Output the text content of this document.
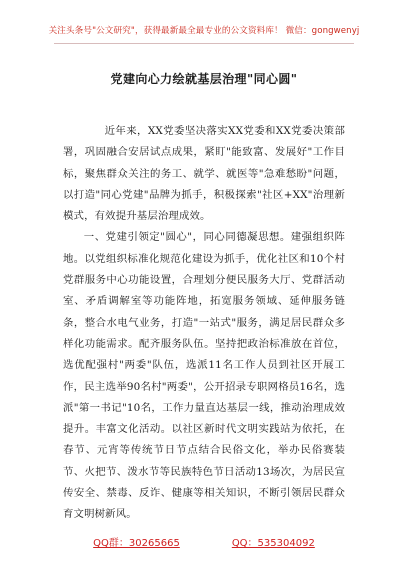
关注头条号"公文研究"，获得最新最全最专业的公文资料库！ 微信：gongwenyj
党建向心力绘就基层治理"同心圆"

近年来，XX党委坚决落实XX党委和XX党委决策部署，巩固融合安居试点成果，紧盯"能致富、发展好"工作目标，聚焦群众关注的务工、就学、就医等"急难愁盼"问题，以打造"同心党建"品牌为抓手，积极探索"社区+XX"治理新模式，有效提升基层治理成效。

一、党建引领定"圆心"，同心同德凝思想。建强组织阵地。以党组织标准化规范化建设为抓手，优化社区和10个村党群服务中心功能设置，合理划分便民服务大厅、党群活动室、矛盾调解室等功能阵地，拓宽服务领域、延伸服务链条，整合水电气业务，打造"一站式"服务，满足居民群众多样化功能需求。配齐服务队伍。坚持把政治标准放在首位，选优配强村"两委"队伍，选派11名工作人员到社区开展工作，民主选举90名村"两委"，公开招录专职网格员16名，选派"第一书记"10名，工作力量直达基层一线，推动治理成效提升。丰富文化活动。以社区新时代文明实践站为依托，在春节、元宵等传统节日节点结合民俗文化，举办民俗赛装节、火把节、泼水节等民族特色节日活动13场次，为居民宣传安全、禁毒、反诈、健康等相关知识，不断引领居民群众育文明树新风。

QQ群：30265665	QQ：535304092
